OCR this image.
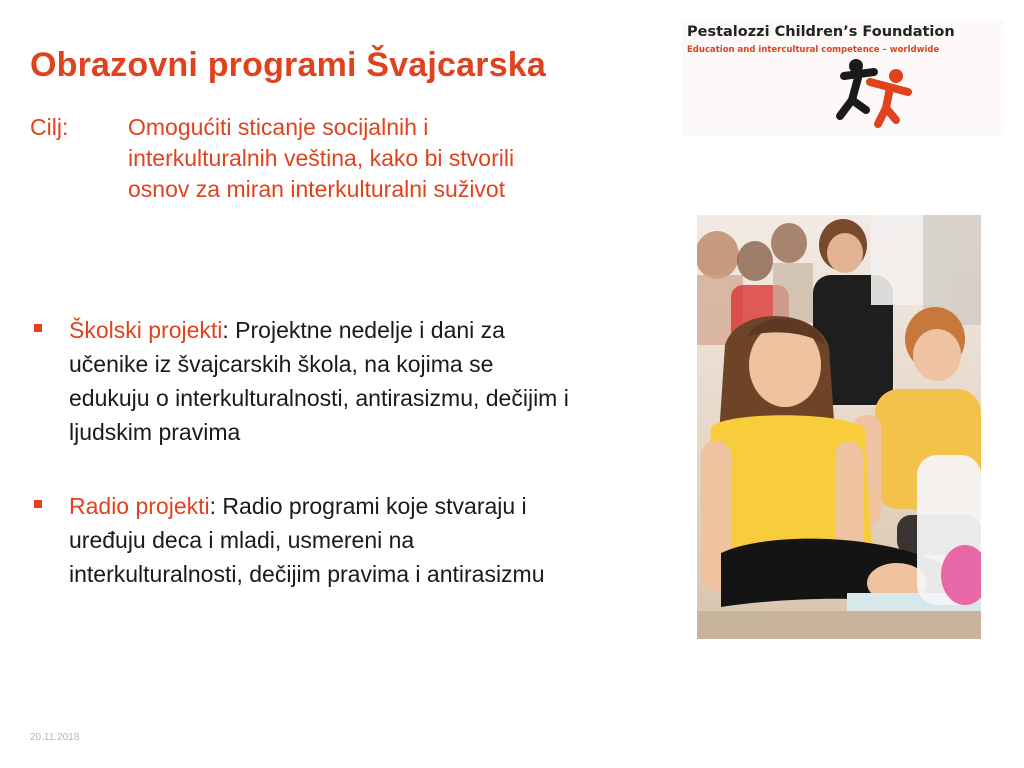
Obrazovni programi Švajcarska
Cilj:	Omogućiti sticanje socijalnih i
interkulturalnih veština, kako bi stvorili
osnov za miran interkulturalni suživot
Pestalozzi Children’s Foundation
Education and intercultural competence – worldwide
Školski projekti: Projektne nedelje i dani za
učenike iz švajcarskih škola, na kojima se
edukuju o interkulturalnosti, antirasizmu, dečijim i
ljudskim pravima
Radio projekti: Radio programi koje stvaraju i
uređuju deca i mladi, usmereni na
interkulturalnosti, dečijim pravima i antirasizmu
20.11.2018
